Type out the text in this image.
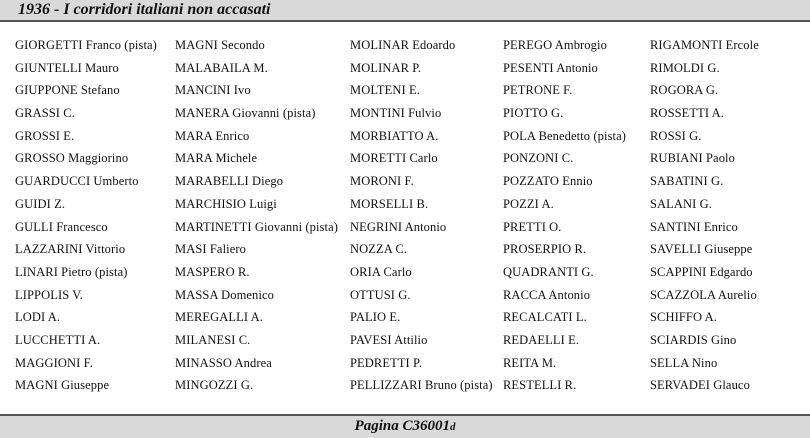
1936 - I corridori italiani non accasati
GIORGETTI Franco (pista)
GIUNTELLI Mauro
GIUPPONE Stefano
GRASSI C.
GROSSI E.
GROSSO Maggiorino
GUARDUCCI Umberto
GUIDI Z.
GULLI Francesco
LAZZARINI Vittorio
LINARI Pietro (pista)
LIPPOLIS V.
LODI A.
LUCCHETTI A.
MAGGIONI F.
MAGNI Giuseppe
MAGNI Secondo
MALABAILA M.
MANCINI Ivo
MANERA Giovanni (pista)
MARA Enrico
MARA Michele
MARABELLI Diego
MARCHISIO Luigi
MARTINETTI Giovanni (pista)
MASI Faliero
MASPERO R.
MASSA Domenico
MEREGALLI A.
MILANESI C.
MINASSO Andrea
MINGOZZI G.
MOLINAR Edoardo
MOLINAR P.
MOLTENI E.
MONTINI Fulvio
MORBIATTO A.
MORETTI Carlo
MORONI F.
MORSELLI B.
NEGRINI Antonio
NOZZA C.
ORIA Carlo
OTTUSI G.
PALIO E.
PAVESI Attilio
PEDRETTI P.
PELLIZZARI Bruno (pista)
PEREGO Ambrogio
PESENTI Antonio
PETRONE F.
PIOTTO G.
POLA Benedetto (pista)
PONZONI C.
POZZATO Ennio
POZZI A.
PRETTI O.
PROSERPIO R.
QUADRANTI G.
RACCA Antonio
RECALCATI L.
REDAELLI E.
REITA M.
RESTELLI R.
RIGAMONTI Ercole
RIMOLDI G.
ROGORA G.
ROSSETTI A.
ROSSI G.
RUBIANI Paolo
SABATINI G.
SALANI G.
SANTINI Enrico
SAVELLI Giuseppe
SCAPPINI Edgardo
SCAZZOLA Aurelio
SCHIFFO A.
SCIARDIS Gino
SELLA Nino
SERVADEI Glauco
Pagina C36001d
